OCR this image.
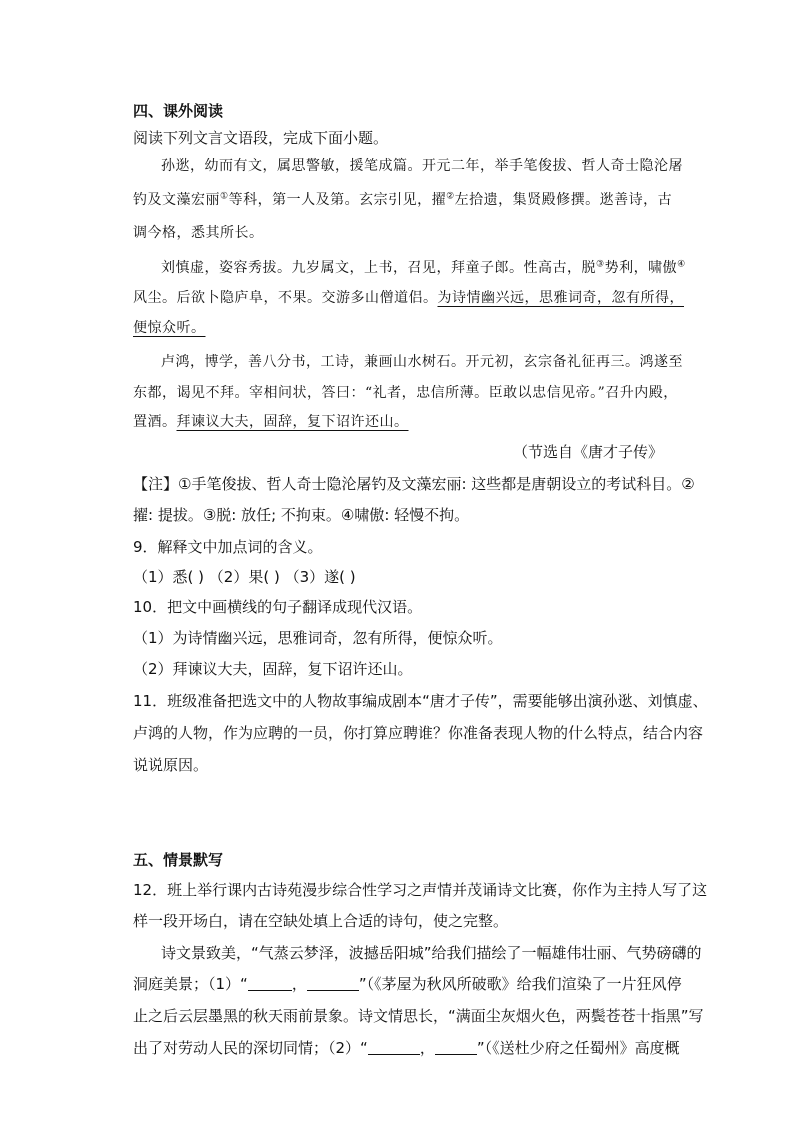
四、课外阅读
阅读下列文言文语段，完成下面小题。
孙逖，幼而有文，属思警敏，援笔成篇。开元二年，举手笔俊拔、哲人奇士隐沦屠
钓及文藻宏丽①等科，第一人及第。玄宗引见，擢②左拾遗，集贤殿修撰。逖善诗，古
调今格，悉其所长。
刘慎虚，姿容秀拔。九岁属文，上书，召见，拜童子郎。性高古，脱③势利，啸傲④
风尘。后欲卜隐庐阜，不果。交游多山僧道侣。为诗情幽兴远，思雅词奇，忽有所得，
便惊众听。
卢鸿，博学，善八分书，工诗，兼画山水树石。开元初，玄宗备礼征再三。鸿遂至
东都，谒见不拜。宰相问状，答曰：“礼者，忠信所薄。臣敢以忠信见帝。”召升内殿，
置酒。拜谏议大夫，固辞，复下诏许还山。
（节选自《唐才子传》
【注】①手笔俊拔、哲人奇士隐沦屠钓及文藻宏丽: 这些都是唐朝设立的考试科目。②
擢: 提拔。③脱: 放任; 不拘束。④啸傲: 轻慢不拘。
9．解释文中加点词的含义。
（1）悉( ) （2）果( ) （3）遂( )
10．把文中画横线的句子翻译成现代汉语。
（1）为诗情幽兴远，思雅词奇，忽有所得，便惊众听。
（2）拜谏议大夫，固辞，复下诏许还山。
11．班级准备把选文中的人物故事编成剧本“唐才子传”，需要能够出演孙逖、刘慎虚、
卢鸿的人物，作为应聘的一员，你打算应聘谁？你准备表现人物的什么特点，结合内容
说说原因。
五、情景默写
12．班上举行课内古诗苑漫步综合性学习之声情并茂诵诗文比赛，你作为主持人写了这
样一段开场白，请在空缺处填上合适的诗句，使之完整。
诗文景致美，“气蒸云梦泽，波撼岳阳城”给我们描绘了一幅雄伟壮丽、气势磅礴的
洞庭美景；（1）“	，	”（《茅屋为秋风所破歌》给我们渲染了一片狂风停
止之后云层墨黑的秋天雨前景象。诗文情思长，“满面尘灰烟火色，两鬓苍苍十指黑”写
出了对劳动人民的深切同情；（2）“	，	”（《送杜少府之任蜀州》高度概
